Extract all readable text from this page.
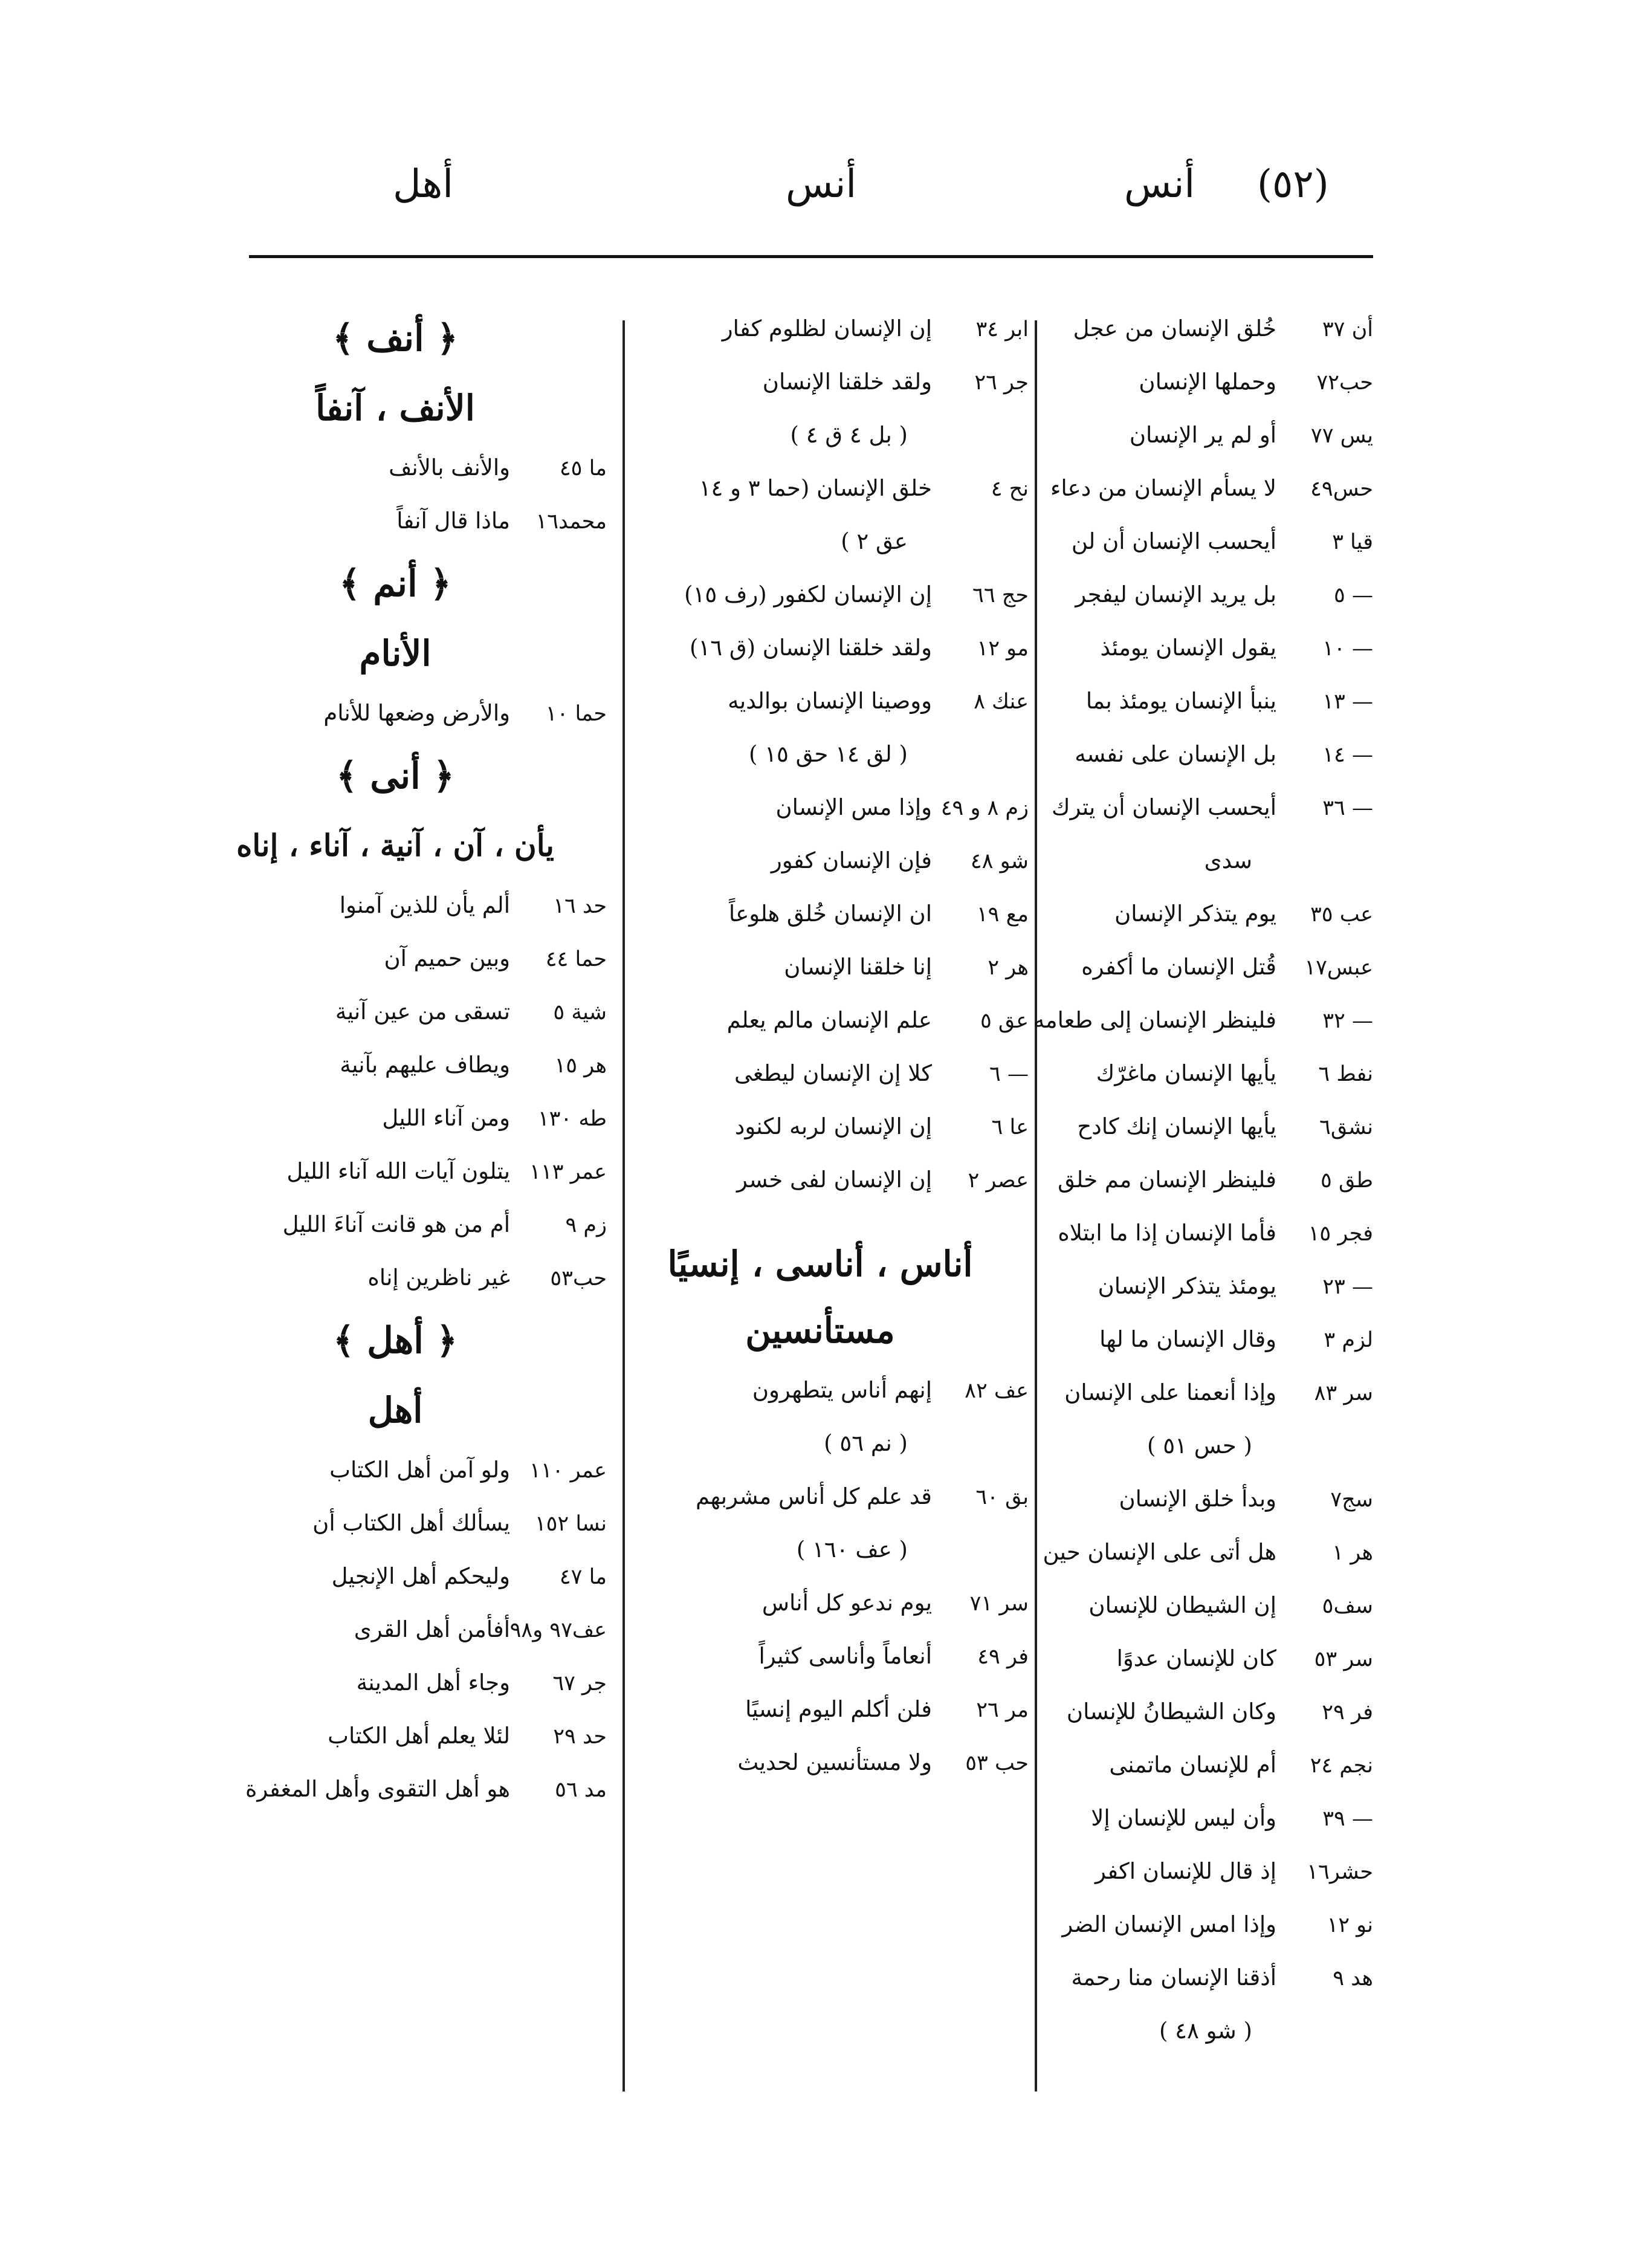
(٥٢)
أنس
أنس
أهل
أن ٣٧خُلق الإنسان من عجل
حب٧٢وحملها الإنسان
يس ٧٧أو لم ير الإنسان
حس٤٩لا يسأم الإنسان من دعاء
قيا ٣أيحسب الإنسان أن لن
— ٥بل يريد الإنسان ليفجر
— ١٠يقول الإنسان يومئذ
— ١٣ينبأ الإنسان يومئذ بما
— ١٤بل الإنسان على نفسه
— ٣٦أيحسب الإنسان أن يترك
سدى
عب ٣٥يوم يتذكر الإنسان
عبس١٧قُتل الإنسان ما أكفره
— ٣٢فلينظر الإنسان إلى طعامه
نفط ٦يأيها الإنسان ماغرّك
نشق٦يأيها الإنسان إنك كادح
طق ٥فلينظر الإنسان مم خلق
فجر ١٥فأما الإنسان إذا ما ابتلاه
— ٢٣يومئذ يتذكر الإنسان
لزم ٣وقال الإنسان ما لها
سر ٨٣وإذا أنعمنا على الإنسان
( حس ٥١ )
سج٧وبدأ خلق الإنسان
هر ١هل أتى على الإنسان حين
سف٥إن الشيطان للإنسان
سر ٥٣كان للإنسان عدوًا
فر ٢٩وكان الشيطانُ للإنسان
نجم ٢٤أم للإنسان ماتمنى
— ٣٩وأن ليس للإنسان إلا
حشر١٦إذ قال للإنسان اكفر
نو ١٢وإذا امس الإنسان الضر
هد ٩أذقنا الإنسان منا رحمة
( شو ٤٨ )
ابر ٣٤إن الإنسان لظلوم كفار
جر ٢٦ولقد خلقنا الإنسان
( بل ٤ ق ٤ )
نح ٤خلق الإنسان (حما ٣ و ١٤
عق ٢ )
حج ٦٦إن الإنسان لكفور (رف ١٥)
مو ١٢ولقد خلقنا الإنسان (ق ١٦)
عنك ٨ووصينا الإنسان بوالديه
( لق ١٤ حق ١٥ )
زم ٨ و ٤٩وإذا مس الإنسان
شو ٤٨فإن الإنسان كفور
مع ١٩ان الإنسان خُلق هلوعاً
هر ٢إنا خلقنا الإنسان
عق ٥علم الإنسان مالم يعلم
— ٦كلا إن الإنسان ليطغى
عا ٦إن الإنسان لربه لكنود
عصر ٢إن الإنسان لفى خسر
أناس ، أناسى ، إنسيًا
مستأنسين
عف ٨٢إنهم أناس يتطهرون
( نم ٥٦ )
بق ٦٠قد علم كل أناس مشربهم
( عف ١٦٠ )
سر ٧١يوم ندعو كل أناس
فر ٤٩أنعاماً وأناسى كثيراً
مر ٢٦فلن أكلم اليوم إنسيًا
حب ٥٣ولا مستأنسين لحديث
﴿ أنف ﴾
الأنف ، آنفاً
ما ٤٥والأنف بالأنف
محمد١٦ماذا قال آنفاً
﴿ أنم ﴾
الأنام
حما ١٠والأرض وضعها للأنام
﴿ أنى ﴾
يأن ، آن ، آنية ، آناء ، إناه
حد ١٦ألم يأن للذين آمنوا
حما ٤٤وبين حميم آن
شية ٥تسقى من عين آنية
هر ١٥ويطاف عليهم بآنية
طه ١٣٠ومن آناء الليل
عمر ١١٣يتلون آيات الله آناء الليل
زم ٩أم من هو قانت آناءَ الليل
حب٥٣غير ناظرين إناه
﴿ أهل ﴾
أهل
عمر ١١٠ولو آمن أهل الكتاب
نسا ١٥٢يسألك أهل الكتاب أن
ما ٤٧وليحكم أهل الإنجيل
عف٩٧ و٩٨أفأمن أهل القرى
جر ٦٧وجاء أهل المدينة
حد ٢٩لئلا يعلم أهل الكتاب
مد ٥٦هو أهل التقوى وأهل المغفرة
